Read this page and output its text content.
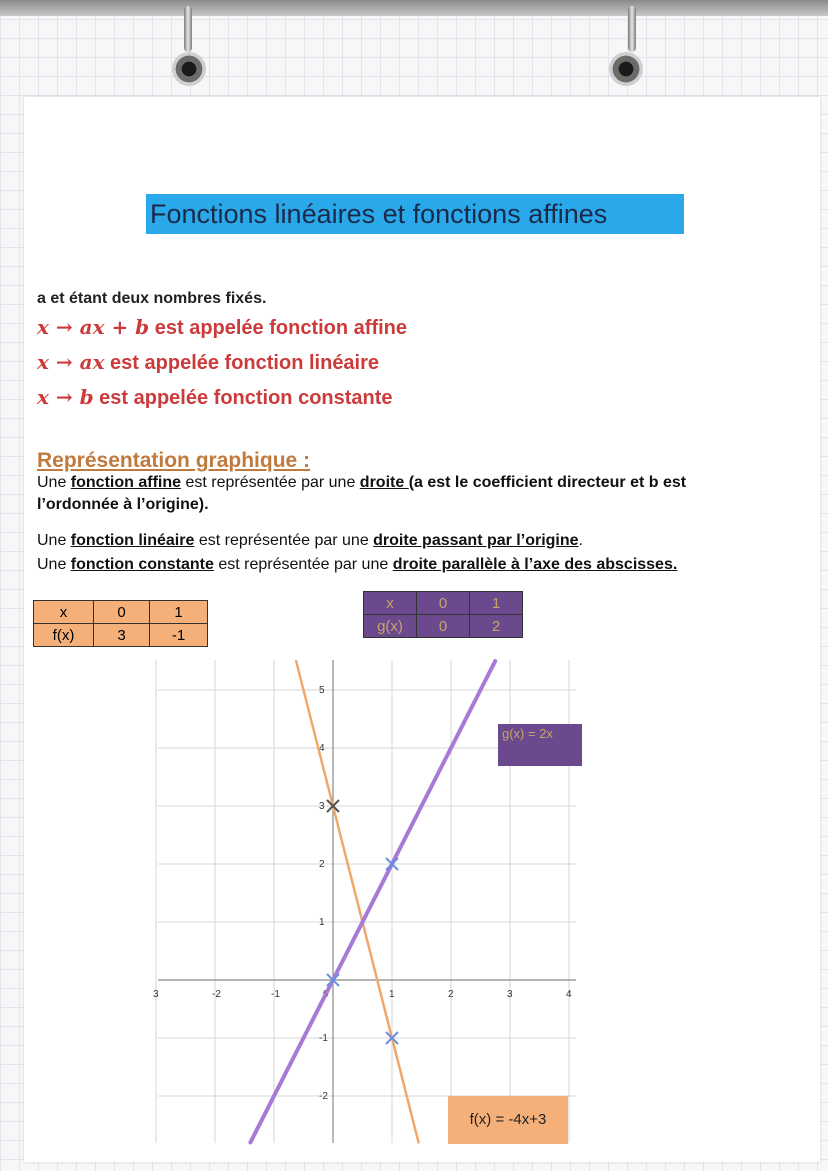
Fonctions linéaires et fonctions affines
a et étant deux nombres fixés.
x → ax + b est appelée fonction affine
x → ax est appelée fonction linéaire
x → b est appelée fonction constante
Représentation graphique :
Une fonction affine est représentée par une droite (a est le coefficient directeur et b est
l’ordonnée à l’origine).
Une fonction linéaire est représentée par une droite passant par l’origine.
Une fonction constante est représentée par une droite parallèle à l’axe des abscisses.
x	0	1
f(x)	3	-1
x	0	1
g(x)	0	2
3	-2	-1	1	2	3	4
5
4
3
2
1
-1
-2
g(x) = 2x
f(x) = -4x+3
